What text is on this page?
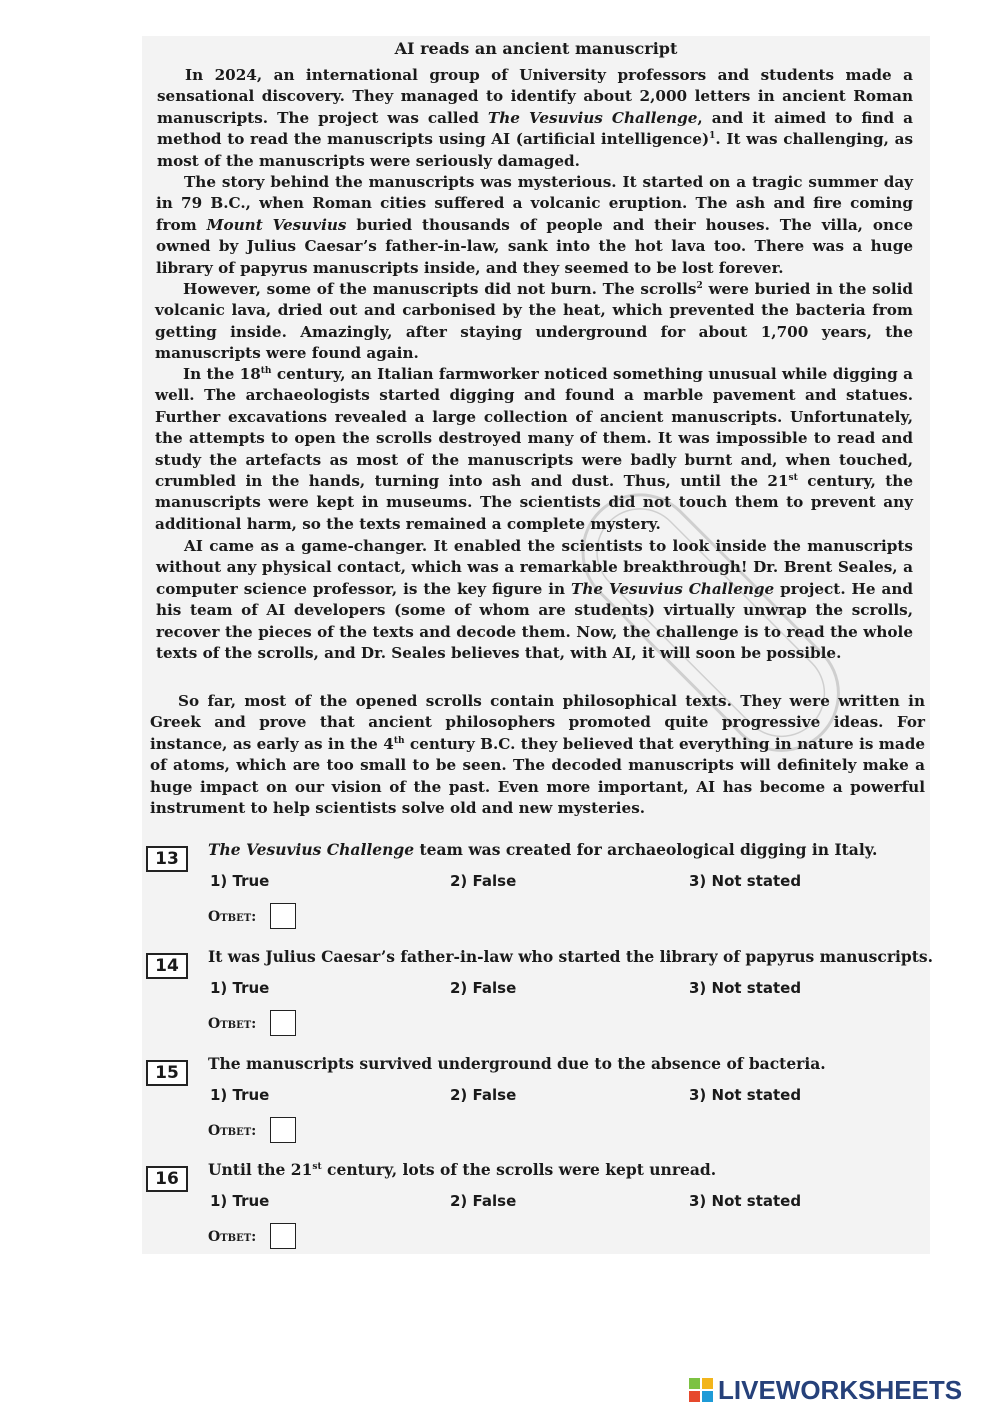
AI reads an ancient manuscript

In 2024, an international group of University professors and students made a sensational discovery. They managed to identify about 2,000 letters in ancient Roman manuscripts. The project was called The Vesuvius Challenge, and it aimed to find a method to read the manuscripts using AI (artificial intelligence)$^1$. It was challenging, as most of the manuscripts were seriously damaged.

The story behind the manuscripts was mysterious. It started on a tragic summer day in 79 B.C., when Roman cities suffered a volcanic eruption. The ash and fire coming from Mount Vesuvius buried thousands of people and their houses. The villa, once owned by Julius Caesar’s father-in-law, sank into the hot lava too. There was a huge library of papyrus manuscripts inside, and they seemed to be lost forever.

However, some of the manuscripts did not burn. The scrolls$^2$ were buried in the solid volcanic lava, dried out and carbonised by the heat, which prevented the bacteria from getting inside. Amazingly, after staying underground for about 1,700 years, the manuscripts were found again.

In the 18th century, an Italian farmworker noticed something unusual while digging a well. The archaeologists started digging and found a marble pavement and statues. Further excavations revealed a large collection of ancient manuscripts. Unfortunately, the attempts to open the scrolls destroyed many of them. It was impossible to read and study the artefacts as most of the manuscripts were badly burnt and, when touched, crumbled in the hands, turning into ash and dust. Thus, until the 21st century, the manuscripts were kept in museums. The scientists did not touch them to prevent any additional harm, so the texts remained a complete mystery.

AI came as a game-changer. It enabled the scientists to look inside the manuscripts without any physical contact, which was a remarkable breakthrough! Dr. Brent Seales, a computer science professor, is the key figure in The Vesuvius Challenge project. He and his team of AI developers (some of whom are students) virtually unwrap the scrolls, recover the pieces of the texts and decode them. Now, the challenge is to read the whole texts of the scrolls, and Dr. Seales believes that, with AI, it will soon be possible.

So far, most of the opened scrolls contain philosophical texts. They were written in Greek and prove that ancient philosophers promoted quite progressive ideas. For instance, as early as in the 4th century B.C. they believed that everything in nature is made of atoms, which are too small to be seen. The decoded manuscripts will definitely make a huge impact on our vision of the past. Even more important, AI has become a powerful instrument to help scientists solve old and new mysteries.

13	The Vesuvius Challenge team was created for archaeological digging in Italy.
1) True	2) False	3) Not stated
Ответ:
14	It was Julius Caesar’s father-in-law who started the library of papyrus manuscripts.
1) True	2) False	3) Not stated
Ответ:
15	The manuscripts survived underground due to the absence of bacteria.
1) True	2) False	3) Not stated
Ответ:
16	Until the 21st century, lots of the scrolls were kept unread.
1) True	2) False	3) Not stated
Ответ:
LIVEWORKSHEETS
